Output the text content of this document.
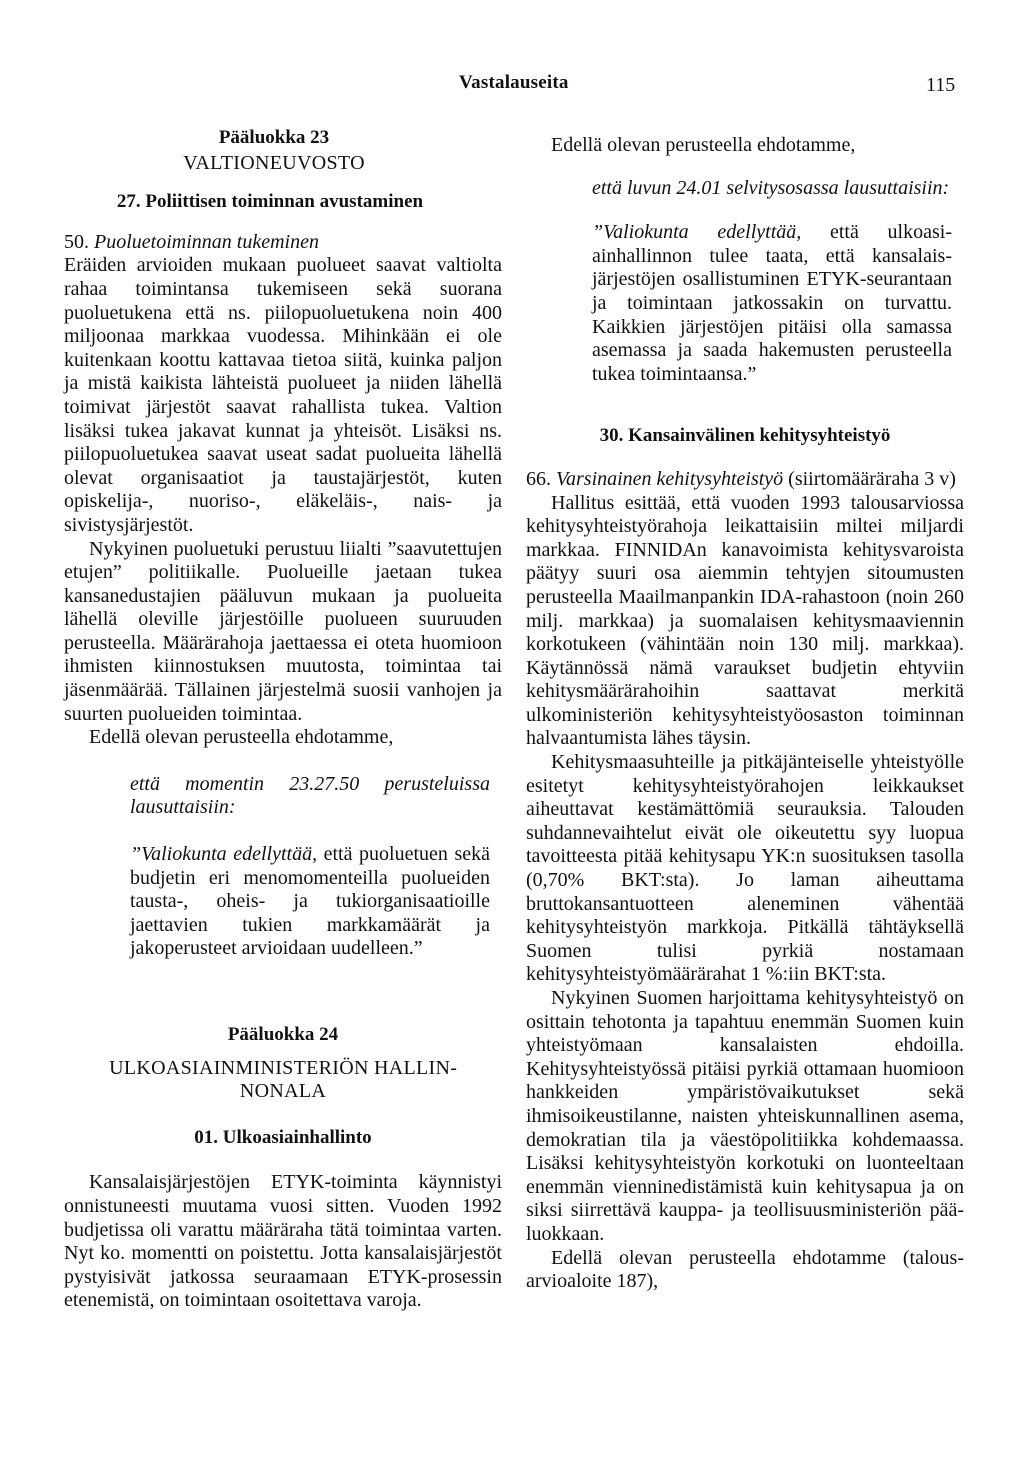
Vastalauseita	115

Pääluokka 23

VALTIONEUVOSTO

27. Poliittisen toiminnan avustaminen

50. Puoluetoiminnan tukeminen

Eräiden arvioiden mukaan puolueet saavat valtiolta rahaa toimintansa tukemiseen sekä suorana puoluetukena että ns. piilopuoluetukena noin 400 miljoonaa markkaa vuodessa. Mihinkään ei ole kuitenkaan koottu kattavaa tietoa siitä, kuinka paljon ja mistä kaikista lähteistä puolueet ja niiden lähellä toimivat järjestöt saavat rahallista tukea. Valtion lisäksi tukea jakavat kunnat ja yhteisöt. Lisäksi ns. piilopuoluetukea saavat useat sadat puolueita lähellä olevat organisaatiot ja taustajärjestöt, kuten opiskelija-, nuoriso-, eläkeläis-, nais- ja sivistysjärjestöt.

Nykyinen puoluetuki perustuu liialti ”saavutettujen etujen” politiikalle. Puolueille jaetaan tukea kansanedustajien pääluvun mukaan ja puolueita lähellä oleville järjestöille puolueen suuruuden perusteella. Määrärahoja jaettaessa ei oteta huomioon ihmisten kiinnostuksen muutosta, toimintaa tai jäsenmäärää. Tällainen järjestelmä suosii vanhojen ja suurten puolueiden toimintaa.

Edellä olevan perusteella ehdotamme,

että momentin 23.27.50 perusteluissa lausuttaisiin:

”Valiokunta edellyttää, että puoluetuen sekä budjetin eri menomomenteilla puolueiden tausta-, oheis- ja tukiorganisaatioille jaettavien tukien markkamäärät ja jakoperusteet arvioidaan uudelleen.”

Pääluokka 24

ULKOASIAINMINISTERIÖN HALLINNONALA

01. Ulkoasiainhallinto

Kansalaisjärjestöjen ETYK-toiminta käynnistyi onnistuneesti muutama vuosi sitten. Vuoden 1992 budjetissa oli varattu määräraha tätä toimintaa varten. Nyt ko. momentti on poistettu. Jotta kansalaisjärjestöt pystyisivät jatkossa seuraamaan ETYK-prosessin etenemistä, on toimintaan osoitettava varoja.

Edellä olevan perusteella ehdotamme,

että luvun 24.01 selvitysosassa lausuttaisiin:

”Valiokunta edellyttää, että ulkoasiainhallinnon tulee taata, että kansalaisjärjestöjen osallistuminen ETYK-seurantaan ja toimintaan jatkossakin on turvattu. Kaikkien järjestöjen pitäisi olla samassa asemassa ja saada hakemusten perusteella tukea toimintaansa.”

30. Kansainvälinen kehitysyhteistyö

66. Varsinainen kehitysyhteistyö (siirtomääräraha 3 v)

Hallitus esittää, että vuoden 1993 talousarviossa kehitysyhteistyörahoja leikattaisiin miltei miljardi markkaa. FINNIDAn kanavoimista kehitysvaroista päätyy suuri osa aiemmin tehtyjen sitoumusten perusteella Maailmanpankin IDA-rahastoon (noin 260 milj. markkaa) ja suomalaisen kehitysmaaviennin korkotukeen (vähintään noin 130 milj. markkaa). Käytännössä nämä varaukset budjetin ehtyviin kehitysmäärärahoihin saattavat merkitä ulkoministeriön kehitysyhteistyöosaston toiminnan halvaantumista lähes täysin.

Kehitysmaasuhteille ja pitkäjänteiselle yhteistyölle esitetyt kehitysyhteistyörahojen leikkaukset aiheuttavat kestämättömiä seurauksia. Talouden suhdannevaihtelut eivät ole oikeutettu syy luopua tavoitteesta pitää kehitysapu YK:n suosituksen tasolla (0,70% BKT:sta). Jo laman aiheuttama bruttokansantuotteen aleneminen vähentää kehitysyhteistyön markkoja. Pitkällä tähtäyksellä Suomen tulisi pyrkiä nostamaan kehitysyhteistyömäärärahat 1 %:iin BKT:sta.

Nykyinen Suomen harjoittama kehitysyhteistyö on osittain tehotonta ja tapahtuu enemmän Suomen kuin yhteistyömaan kansalaisten ehdoilla. Kehitysyhteistyössä pitäisi pyrkiä ottamaan huomioon hankkeiden ympäristövaikutukset sekä ihmisoikeustilanne, naisten yhteiskunnallinen asema, demokratian tila ja väestöpolitiikka kohdemaassa. Lisäksi kehitysyhteistyön korkotuki on luonteeltaan enemmän vienninedistämistä kuin kehitysapua ja on siksi siirrettävä kauppa- ja teollisuusministeriön pääluokkaan.

Edellä olevan perusteella ehdotamme (talousarvioaloite 187),
